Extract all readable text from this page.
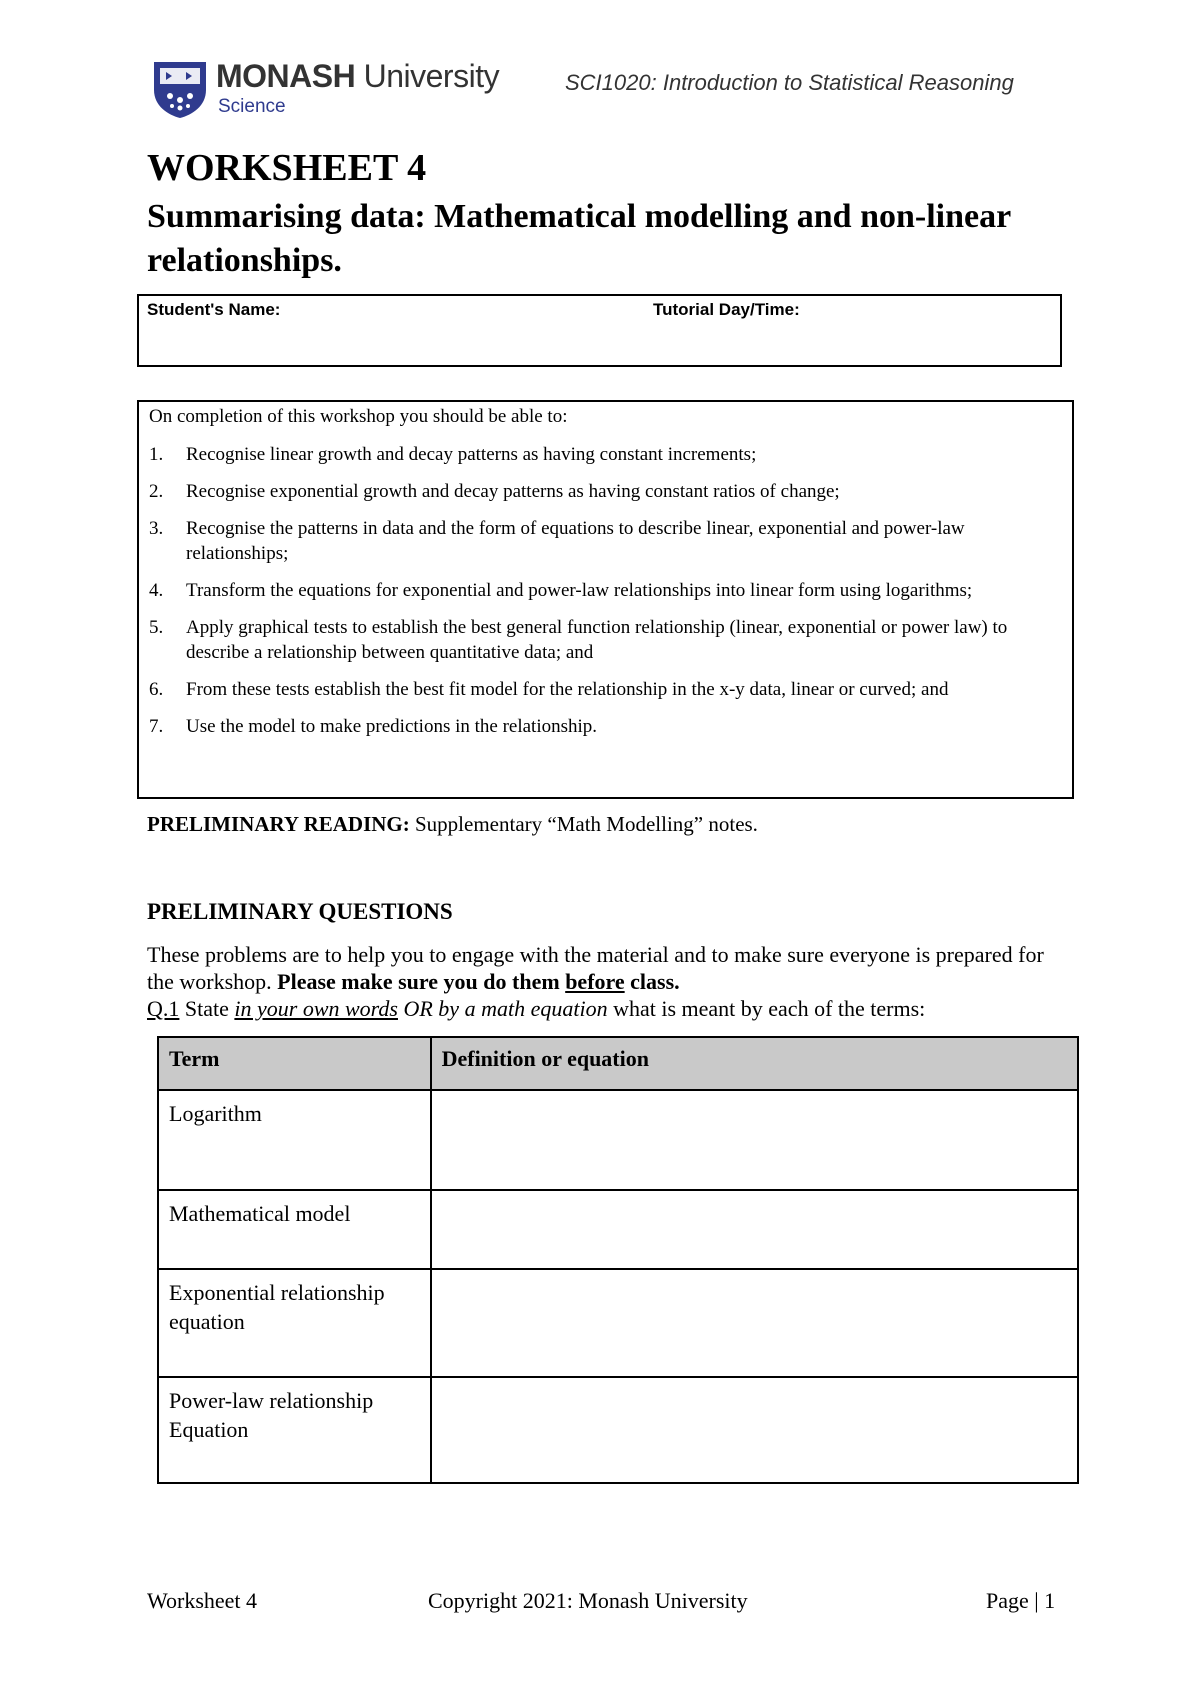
MONASH University
Science
SCI1020: Introduction to Statistical Reasoning
WORKSHEET 4
Summarising data: Mathematical modelling and non-linear relationships.
Student's Name:	Tutorial Day/Time:
On completion of this workshop you should be able to:
1. Recognise linear growth and decay patterns as having constant increments;
2. Recognise exponential growth and decay patterns as having constant ratios of change;
3. Recognise the patterns in data and the form of equations to describe linear, exponential and power-law relationships;
4. Transform the equations for exponential and power-law relationships into linear form using logarithms;
5. Apply graphical tests to establish the best general function relationship (linear, exponential or power law) to describe a relationship between quantitative data; and
6. From these tests establish the best fit model for the relationship in the x-y data, linear or curved; and
7. Use the model to make predictions in the relationship.
PRELIMINARY READING: Supplementary “Math Modelling” notes.
PRELIMINARY QUESTIONS
These problems are to help you to engage with the material and to make sure everyone is prepared for the workshop. Please make sure you do them before class.
Q.1 State in your own words OR by a math equation what is meant by each of the terms:
Term	Definition or equation
Logarithm	
Mathematical model	
Exponential relationship equation	
Power-law relationship Equation	
Worksheet 4	Copyright 2021: Monash University	Page | 1
